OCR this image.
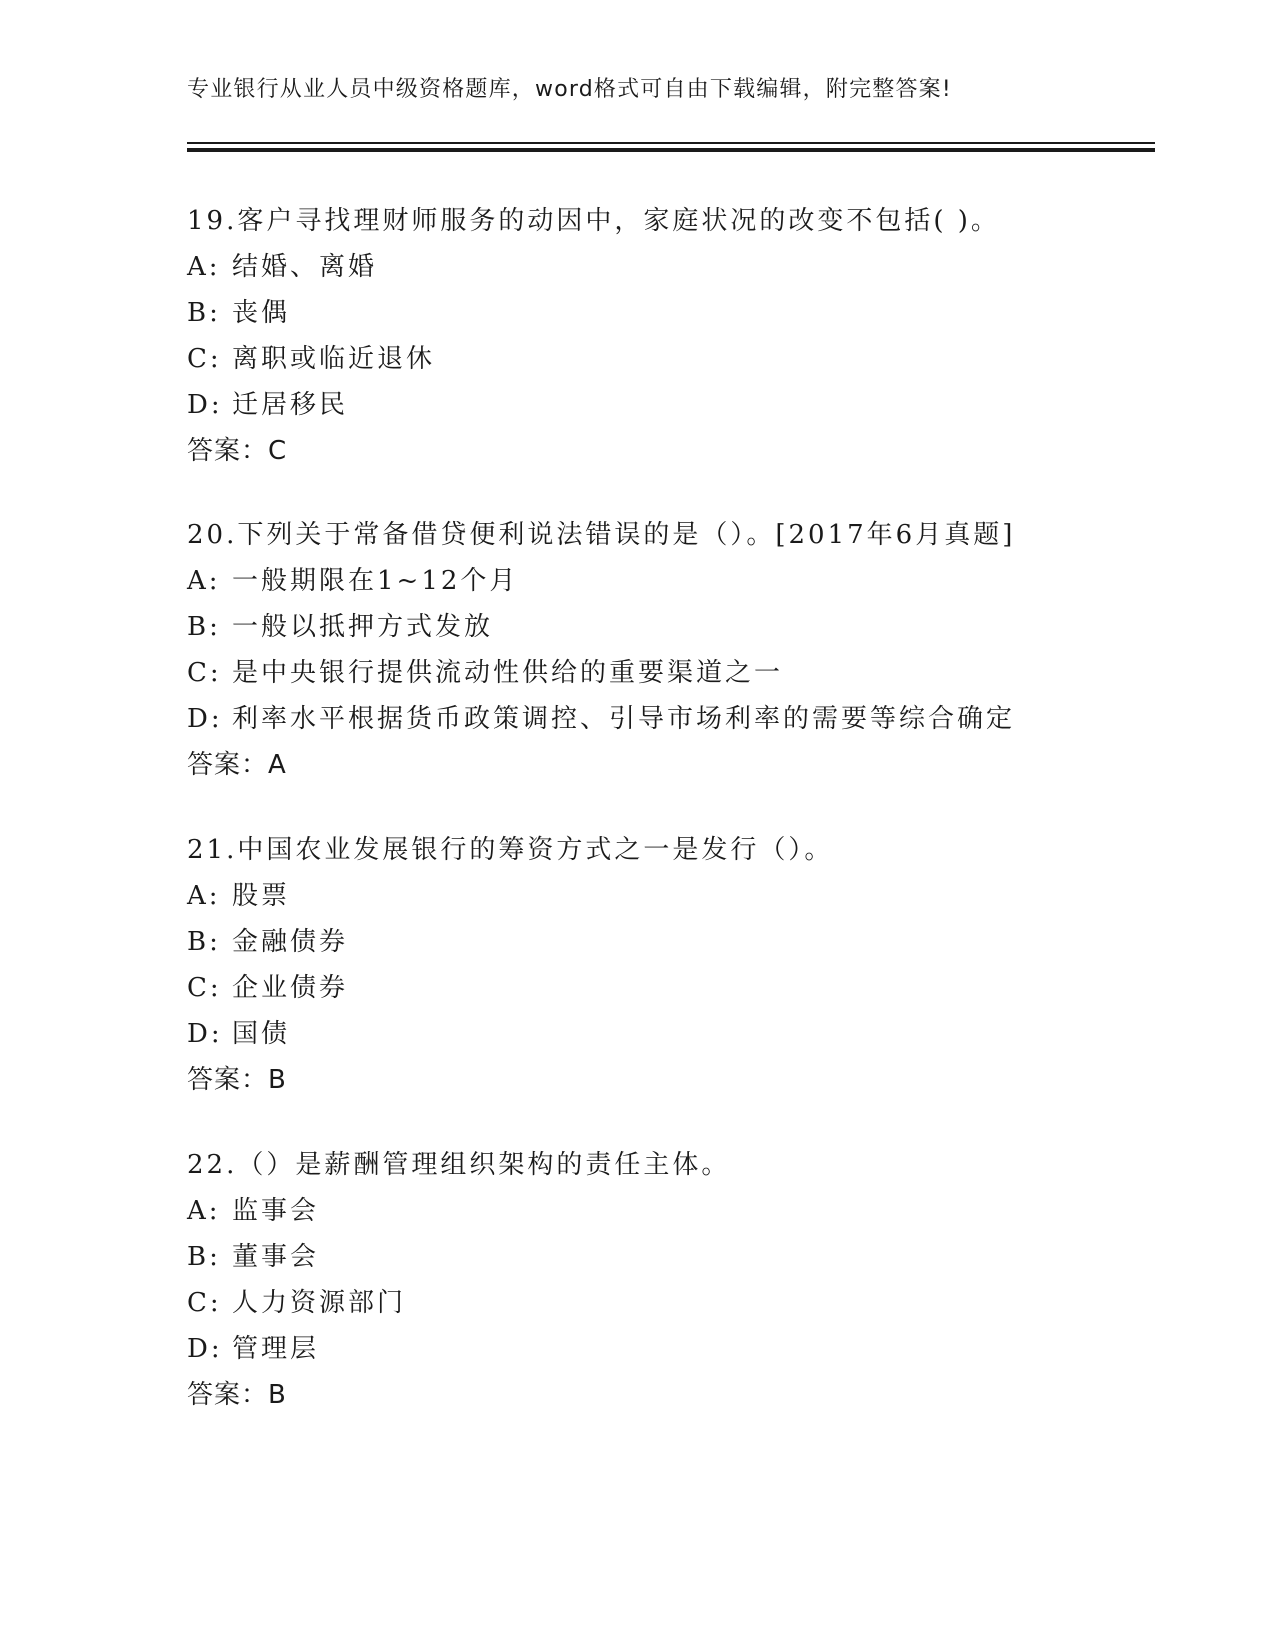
专业银行从业人员中级资格题库，word格式可自由下载编辑，附完整答案!
19.客户寻找理财师服务的动因中，家庭状况的改变不包括( )。
A: 结婚、离婚
B: 丧偶
C: 离职或临近退休
D: 迁居移民
答案：C
20.下列关于常备借贷便利说法错误的是（）。[2017年6月真题]
A: 一般期限在1~12个月
B: 一般以抵押方式发放
C: 是中央银行提供流动性供给的重要渠道之一
D: 利率水平根据货币政策调控、引导市场利率的需要等综合确定
答案：A
21.中国农业发展银行的筹资方式之一是发行（）。
A: 股票
B: 金融债券
C: 企业债券
D: 国债
答案：B
22.（）是薪酬管理组织架构的责任主体。
A: 监事会
B: 董事会
C: 人力资源部门
D: 管理层
答案：B
